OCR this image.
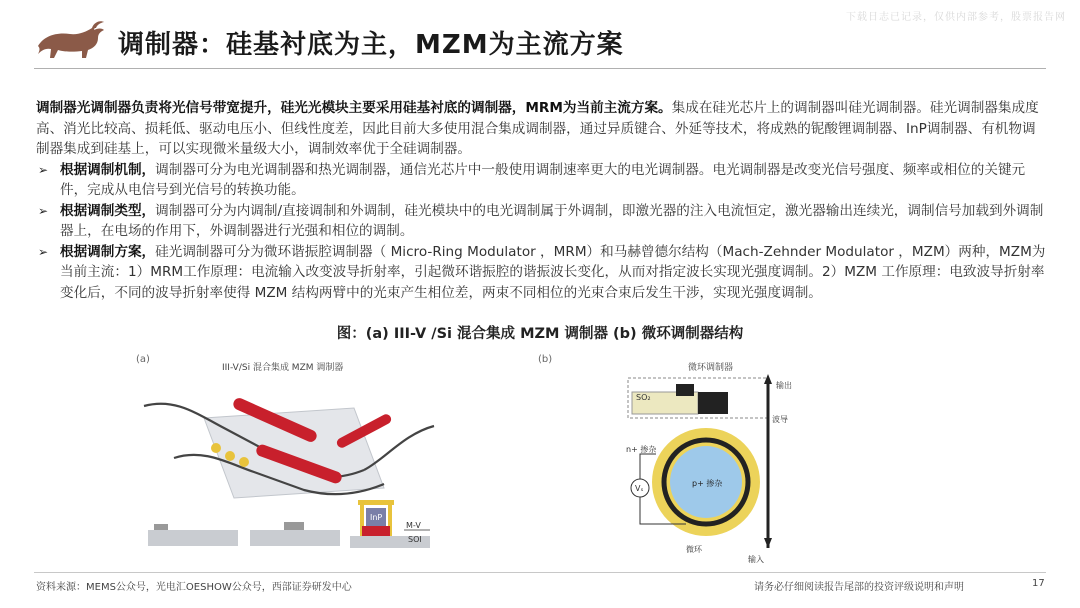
下载日志已记录，仅供内部参考，股票报告网
调制器：硅基衬底为主，MZM为主流方案

调制器光调制器负责将光信号带宽提升，硅光光模块主要采用硅基衬底的调制器，MRM为当前主流方案。集成在硅光芯片上的调制器叫硅光调制器。硅光调制器集成度高、消光比较高、损耗低、驱动电压小、但线性度差，因此目前大多使用混合集成调制器，通过异质键合、外延等技术，将成熟的铌酸锂调制器、InP调制器、有机物调制器集成到硅基上，可以实现微米量级大小，调制效率优于全硅调制器。

➢ 根据调制机制，调制器可分为电光调制器和热光调制器，通信光芯片中一般使用调制速率更大的电光调制器。电光调制器是改变光信号强度、频率或相位的关键元件，完成从电信号到光信号的转换功能。

➢ 根据调制类型，调制器可分为内调制/直接调制和外调制，硅光模块中的电光调制属于外调制，即激光器的注入电流恒定，激光器输出连续光，调制信号加载到外调制器上，在电场的作用下，外调制器进行光强和相位的调制。

➢ 根据调制方案，硅光调制器可分为微环谐振腔调制器（ Micro-Ring Modulator ，MRM）和马赫曾德尔结构（Mach-Zehnder Modulator ，MZM）两种，MZM为当前主流：1）MRM工作原理：电流输入改变波导折射率，引起微环谐振腔的谐振波长变化，从而对指定波长实现光强度调制。2）MZM 工作原理：电致波导折射率变化后，不同的波导折射率使得 MZM 结构两臂中的光束产生相位差，两束不同相位的光束合束后发生干涉，实现光强度调制。

图：(a) III-V /Si 混合集成 MZM 调制器 (b) 微环调制器结构
(a)
III-V/Si 混合集成 MZM 调制器
InP
M-V
SOI
(b)
微环调制器
SO₂
输出
波导
p+ 掺杂
n+ 掺杂
Vₛ
微环
输入
资料来源：MEMS公众号，光电汇OESHOW公众号，西部证券研发中心	请务必仔细阅读报告尾部的投资评级说明和声明	17
